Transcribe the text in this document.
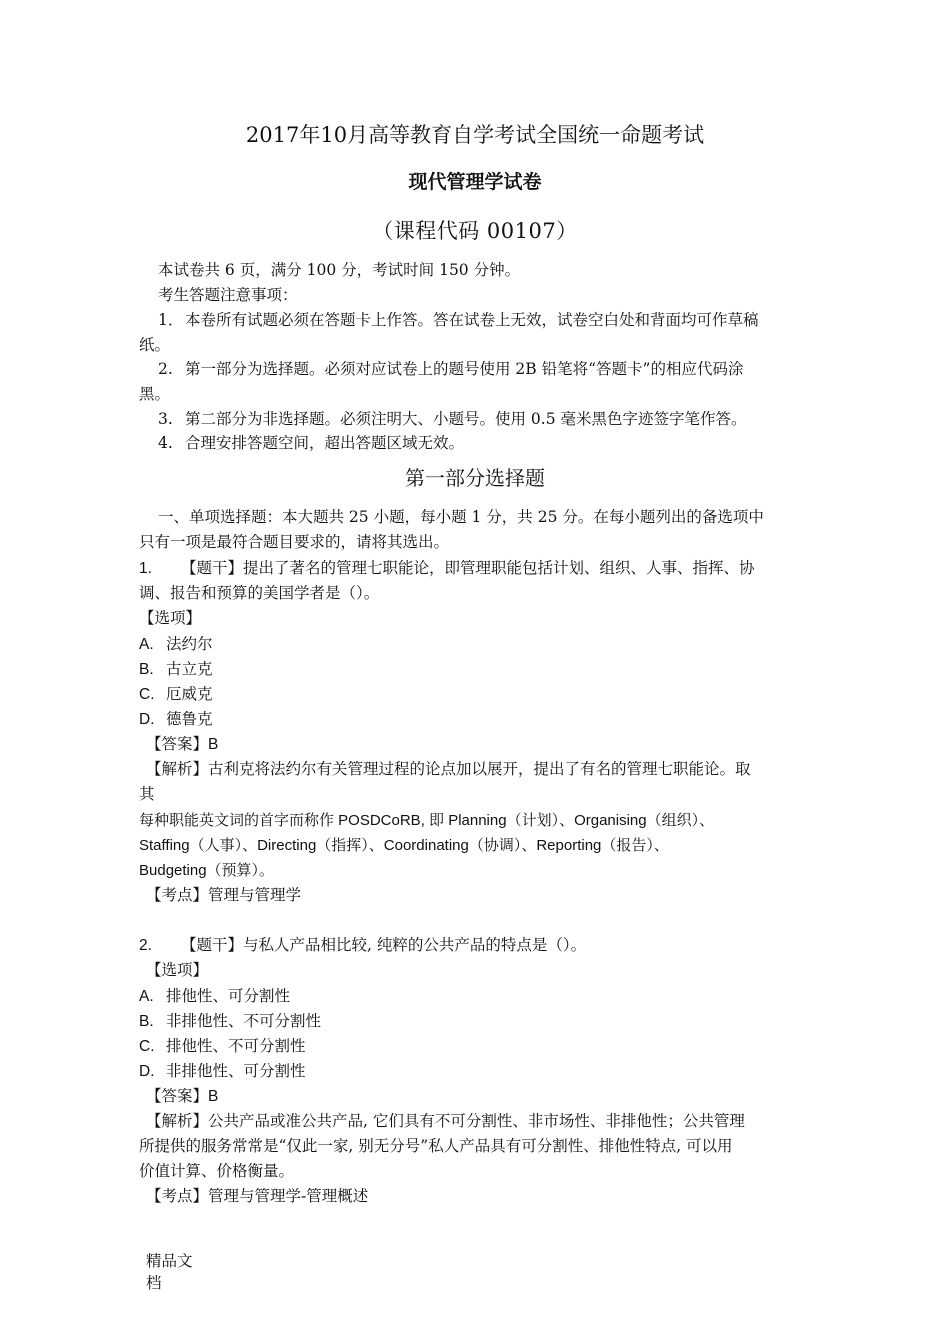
2017年10月高等教育自学考试全国统一命题考试
现代管理学试卷
（课程代码 00107）
本试卷共 6 页，满分 100 分，考试时间 150 分钟。
考生答题注意事项：
1． 本卷所有试题必须在答题卡上作答。答在试卷上无效，试卷空白处和背面均可作草稿
纸。
2. 第一部分为选择题。必须对应试卷上的题号使用 2B 铅笔将“答题卡”的相应代码涂
黑。
3. 第二部分为非选择题。必须注明大、小题号。使用 0.5 毫米黑色字迹签字笔作答。
4. 合理安排答题空间，超出答题区域无效。
第一部分选择题
一、单项选择题：本大题共 25 小题，每小题 1 分，共 25 分。在每小题列出的备选项中
只有一项是最符合题目要求的，请将其选出。
1. 【题干】提出了著名的管理七职能论，即管理职能包括计划、组织、人事、指挥、协
调、报告和预算的美国学者是（）。
【选项】
A. 法约尔
B. 古立克
C. 厄威克
D. 德鲁克
【答案】B
【解析】古利克将法约尔有关管理过程的论点加以展开，提出了有名的管理七职能论。取
其
每种职能英文词的首字而称作 POSDCoRB, 即 Planning（计划）、Organising（组织）、
Staffing（人事）、Directing（指挥）、Coordinating（协调）、Reporting（报告）、
Budgeting（预算）。
【考点】管理与管理学
2. 【题干】与私人产品相比较, 纯粹的公共产品的特点是（）。
【选项】
A. 排他性、可分割性
B. 非排他性、不可分割性
C. 排他性、不可分割性
D. 非排他性、可分割性
【答案】B
【解析】公共产品或准公共产品, 它们具有不可分割性、非市场性、非排他性；公共管理
所提供的服务常常是“仅此一家, 别无分号”私人产品具有可分割性、排他性特点, 可以用
价值计算、价格衡量。
【考点】管理与管理学-管理概述
精品文
档
